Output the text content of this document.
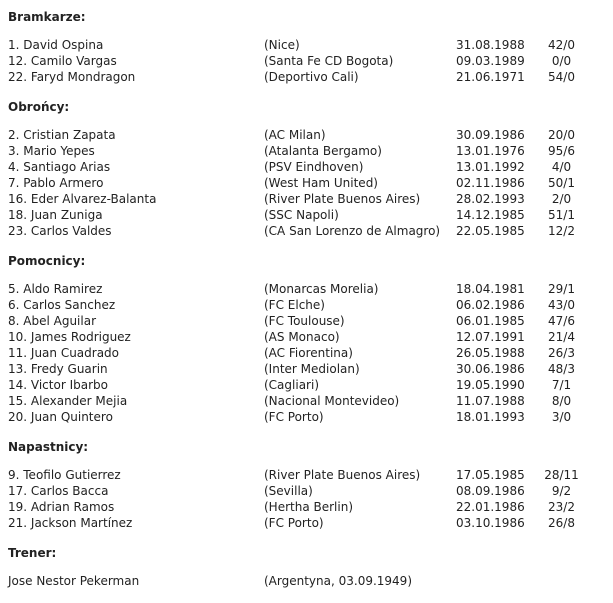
Bramkarze:
1. David Ospina	(Nice)	31.08.1988	42/0
12. Camilo Vargas	(Santa Fe CD Bogota)	09.03.1989	0/0
22. Faryd Mondragon	(Deportivo Cali)	21.06.1971	54/0
Obrońcy:
2. Cristian Zapata	(AC Milan)	30.09.1986	20/0
3. Mario Yepes	(Atalanta Bergamo)	13.01.1976	95/6
4. Santiago Arias	(PSV Eindhoven)	13.01.1992	4/0
7. Pablo Armero	(West Ham United)	02.11.1986	50/1
16. Eder Alvarez-Balanta	(River Plate Buenos Aires)	28.02.1993	2/0
18. Juan Zuniga	(SSC Napoli)	14.12.1985	51/1
23. Carlos Valdes	(CA San Lorenzo de Almagro) 22.05.1985	12/2
Pomocnicy:
5. Aldo Ramirez	(Monarcas Morelia)	18.04.1981	29/1
6. Carlos Sanchez	(FC Elche)	06.02.1986	43/0
8. Abel Aguilar	(FC Toulouse)	06.01.1985	47/6
10. James Rodriguez	(AS Monaco)	12.07.1991	21/4
11. Juan Cuadrado	(AC Fiorentina)	26.05.1988	26/3
13. Fredy Guarin	(Inter Mediolan)	30.06.1986	48/3
14. Victor Ibarbo	(Cagliari)	19.05.1990	7/1
15. Alexander Mejia	(Nacional Montevideo)	11.07.1988	8/0
20. Juan Quintero	(FC Porto)	18.01.1993	3/0
Napastnicy:
9. Teofilo Gutierrez	(River Plate Buenos Aires)	17.05.1985	28/11
17. Carlos Bacca	(Sevilla)	08.09.1986	9/2
19. Adrian Ramos	(Hertha Berlin)	22.01.1986	23/2
21. Jackson Martínez	(FC Porto)	03.10.1986	26/8
Trener:
Jose Nestor Pekerman	(Argentyna, 03.09.1949)
